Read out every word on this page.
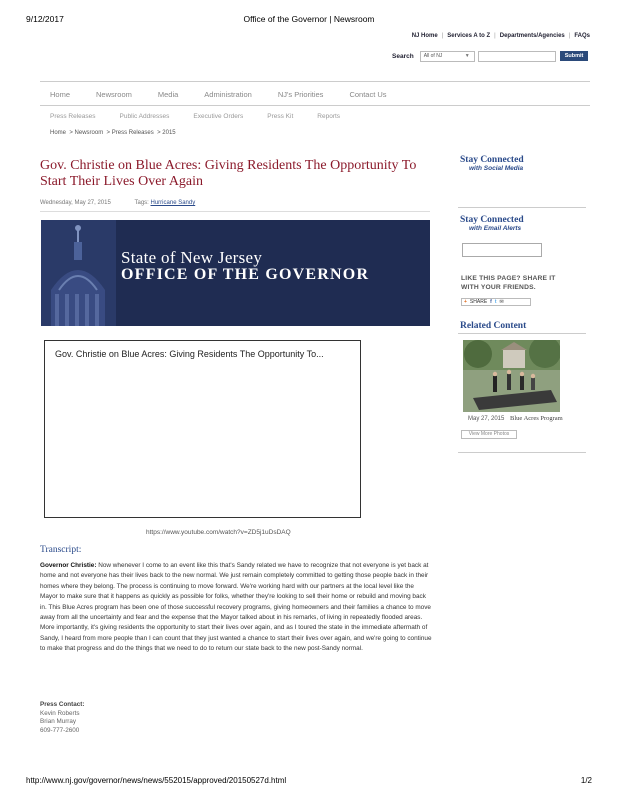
9/12/2017	Office of the Governor | Newsroom
NJ Home | Services A to Z | Departments/Agencies | FAQs
Search	All of NJ	▼	Submit
Home	Newsroom	Media	Administration	NJ's Priorities	Contact Us
Press Releases	Public Addresses	Executive Orders	Press Kit	Reports
Home  > Newsroom  > Press Releases  > 2015
Gov. Christie on Blue Acres: Giving Residents The Opportunity To Start Their Lives Over Again
Wednesday, May 27, 2015	Tags: Hurricane Sandy
State of New Jersey
OFFICE OF THE GOVERNOR
Gov. Christie on Blue Acres: Giving Residents The Opportunity To...
https://www.youtube.com/watch?v=ZD5j1uDsDAQ
Transcript:
Governor Christie: Now whenever I come to an event like this that's Sandy related we have to recognize that not everyone is yet back at home and not everyone has their lives back to the new normal. We just remain completely committed to getting those people back in their homes where they belong. The process is continuing to move forward. We're working hard with our partners at the local level like the Mayor to make sure that it happens as quickly as possible for folks, whether they're looking to sell their home or rebuild and moving back in. This Blue Acres program has been one of those successful recovery programs, giving homeowners and their families a chance to move away from all the uncertainty and fear and the expense that the Mayor talked about in his remarks, of living in repeatedly flooded areas. More importantly, it's giving residents the opportunity to start their lives over again, and as I toured the state in the immediate aftermath of Sandy, I heard from more people than I can count that they just wanted a chance to start their lives over again, and we're going to continue to make that progress and do the things that we need to do to return our state back to the new post-Sandy normal.
Press Contact:
Kevin Roberts
Brian Murray
609-777-2600
Stay Connected
with Social Media
Stay Connected
with Email Alerts
LIKE THIS PAGE? SHARE IT
WITH YOUR FRIENDS.
+ SHARE f t ✉
Related Content
May 27, 2015 Blue Acres Program
View More Photos
http://www.nj.gov/governor/news/news/552015/approved/20150527d.html	1/2
